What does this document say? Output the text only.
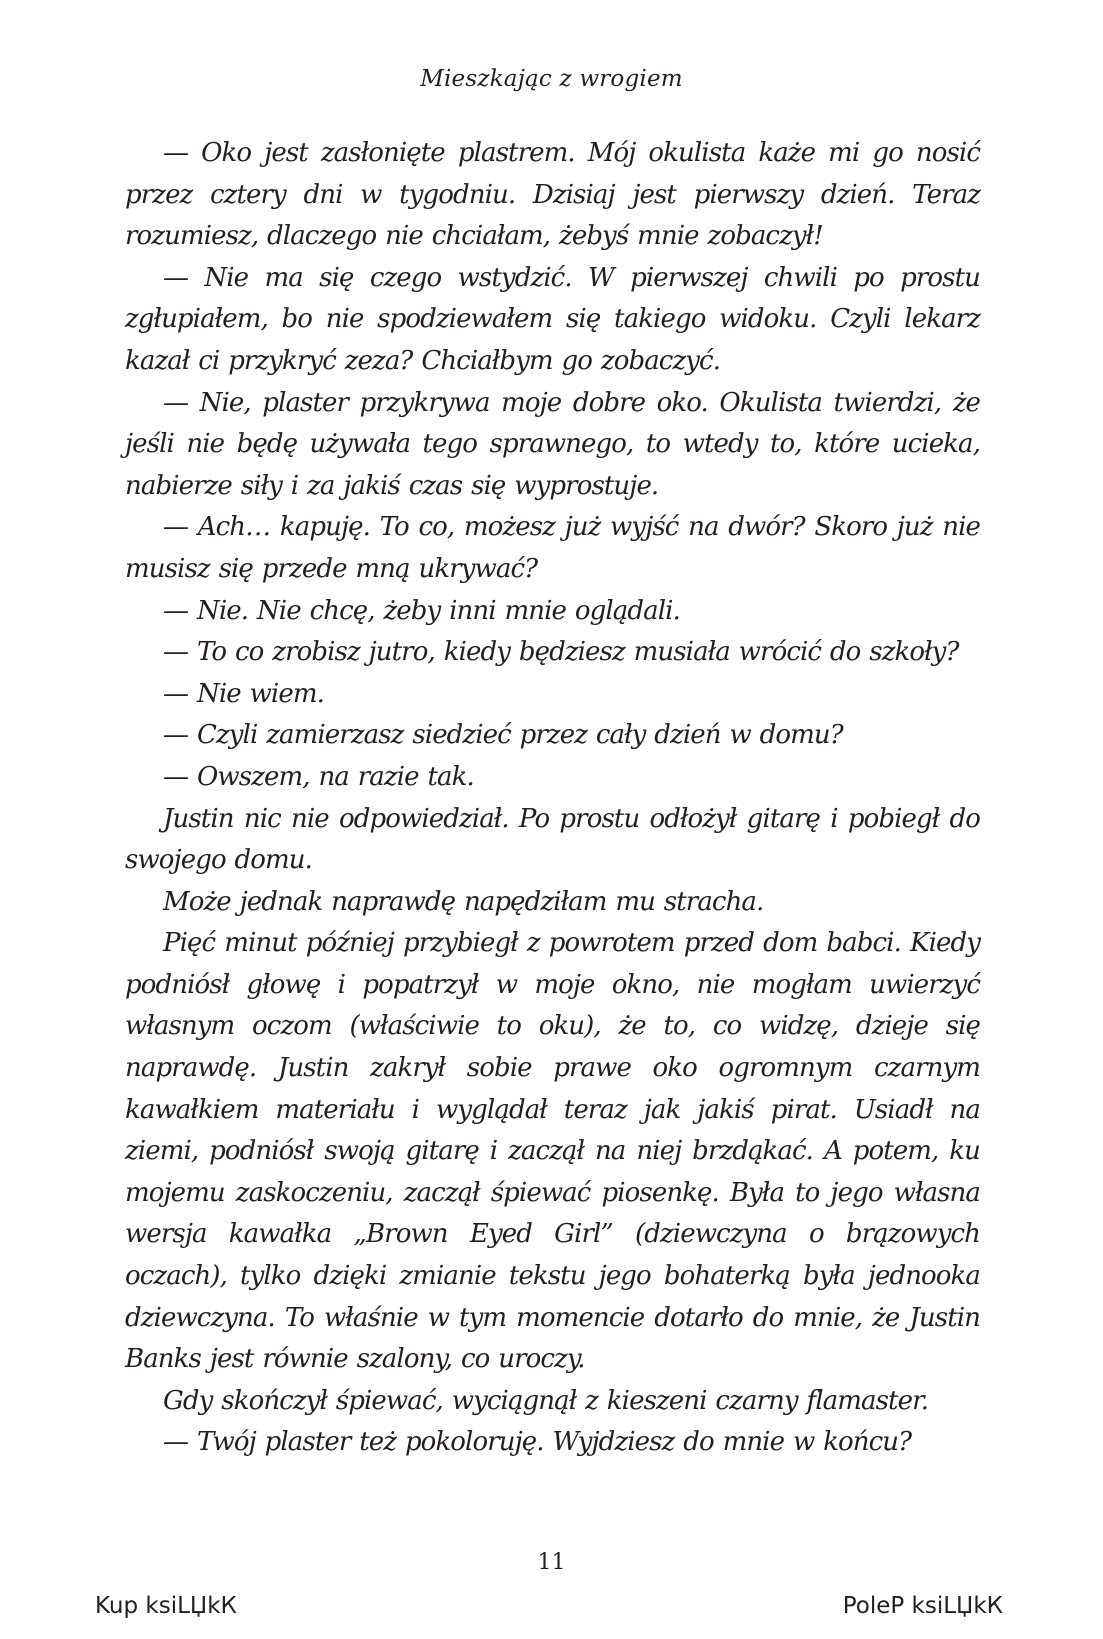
Mieszkając z wrogiem

— Oko jest zasłonięte plastrem. Mój okulista każe mi go nosić przez cztery dni w tygodniu. Dzisiaj jest pierwszy dzień. Teraz rozumiesz, dlaczego nie chciałam, żebyś mnie zobaczył!

— Nie ma się czego wstydzić. W pierwszej chwili po prostu zgłupiałem, bo nie spodziewałem się takiego widoku. Czyli lekarz kazał ci przykryć zeza? Chciałbym go zobaczyć.

— Nie, plaster przykrywa moje dobre oko. Okulista twierdzi, że jeśli nie będę używała tego sprawnego, to wtedy to, które ucieka, nabierze siły i za jakiś czas się wyprostuje.

— Ach… kapuję. To co, możesz już wyjść na dwór? Skoro już nie musisz się przede mną ukrywać?

— Nie. Nie chcę, żeby inni mnie oglądali.

— To co zrobisz jutro, kiedy będziesz musiała wrócić do szkoły?

— Nie wiem.

— Czyli zamierzasz siedzieć przez cały dzień w domu?

— Owszem, na razie tak.

Justin nic nie odpowiedział. Po prostu odłożył gitarę i pobiegł do swojego domu.

Może jednak naprawdę napędziłam mu stracha.

Pięć minut później przybiegł z powrotem przed dom babci. Kiedy podniósł głowę i popatrzył w moje okno, nie mogłam uwierzyć własnym oczom (właściwie to oku), że to, co widzę, dzieje się naprawdę. Justin zakrył sobie prawe oko ogromnym czarnym kawałkiem materiału i wyglądał teraz jak jakiś pirat. Usiadł na ziemi, podniósł swoją gitarę i zaczął na niej brzdąkać. A potem, ku mojemu zaskoczeniu, zaczął śpiewać piosenkę. Była to jego własna wersja kawałka „Brown Eyed Girl” (dziewczyna o brązowych oczach), tylko dzięki zmianie tekstu jego bohaterką była jednooka dziewczyna. To właśnie w tym momencie dotarło do mnie, że Justin Banks jest równie szalony, co uroczy.

Gdy skończył śpiewać, wyciągnął z kieszeni czarny flamaster.

— Twój plaster też pokoloruję. Wyjdziesz do mnie w końcu?

11
Kup ksiLЏkК	PoleР ksiLЏkК
